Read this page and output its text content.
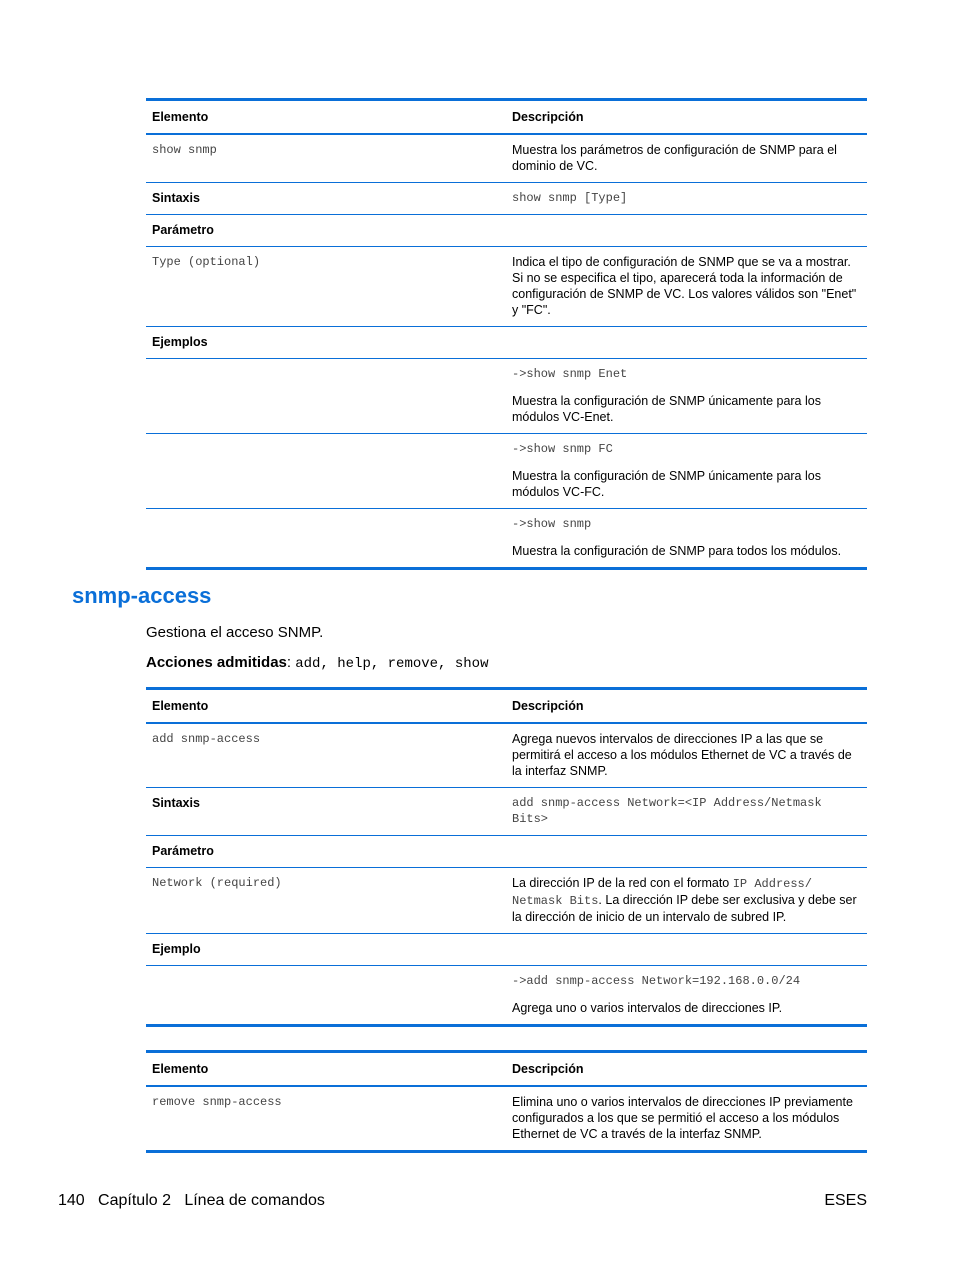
Elemento	Descripción
show snmp	Muestra los parámetros de configuración de SNMP para el dominio de VC.
Sintaxis	show snmp [Type]
Parámetro	
Type (optional)	Indica el tipo de configuración de SNMP que se va a mostrar. Si no se especifica el tipo, aparecerá toda la información de configuración de SNMP de VC. Los valores válidos son "Enet" y "FC".
Ejemplos	

	->show snmp Enet
Muestra la configuración de SNMP únicamente para los módulos VC-Enet.

	->show snmp FC
Muestra la configuración de SNMP únicamente para los módulos VC-FC.

	->show snmp
Muestra la configuración de SNMP para todos los módulos.
snmp-access
Gestiona el acceso SNMP.
Acciones admitidas: add, help, remove, show
Elemento	Descripción
add snmp-access	Agrega nuevos intervalos de direcciones IP a las que se permitirá el acceso a los módulos Ethernet de VC a través de la interfaz SNMP.
Sintaxis	add snmp-access Network=<IP Address/Netmask Bits>
Parámetro	
Network (required)	La dirección IP de la red con el formato IP Address/ Netmask Bits. La dirección IP debe ser exclusiva y debe ser la dirección de inicio de un intervalo de subred IP.
Ejemplo	

	->add snmp-access Network=192.168.0.0/24
Agrega uno o varios intervalos de direcciones IP.
Elemento	Descripción
remove snmp-access	Elimina uno o varios intervalos de direcciones IP previamente configurados a los que se permitió el acceso a los módulos Ethernet de VC a través de la interfaz SNMP.
140 Capítulo 2 Línea de comandos	ESES
